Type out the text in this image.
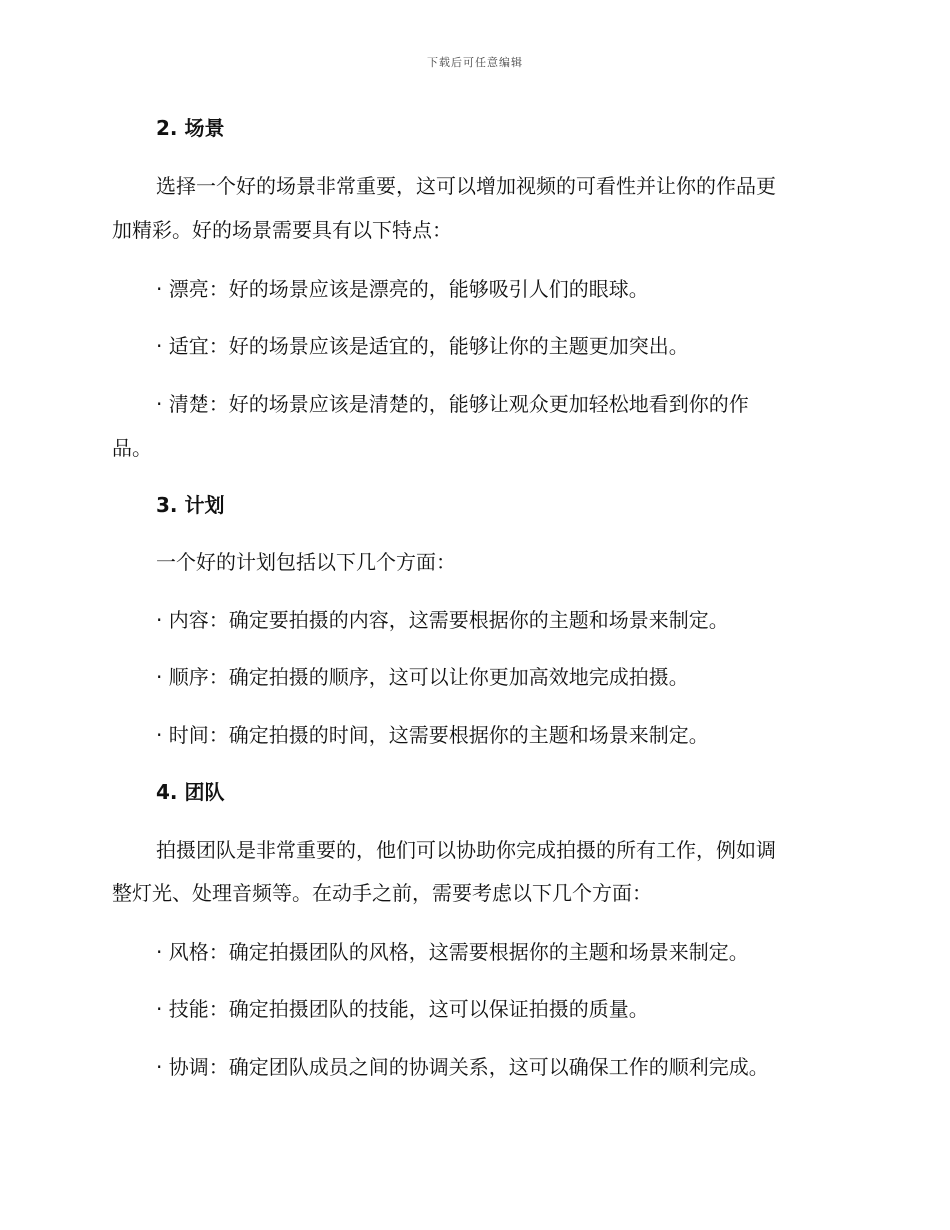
下载后可任意编辑
2. 场景
选择一个好的场景非常重要，这可以增加视频的可看性并让你的作品更
加精彩。好的场景需要具有以下特点：
· 漂亮：好的场景应该是漂亮的，能够吸引人们的眼球。
· 适宜：好的场景应该是适宜的，能够让你的主题更加突出。
· 清楚：好的场景应该是清楚的，能够让观众更加轻松地看到你的作
品。
3. 计划
一个好的计划包括以下几个方面：
· 内容：确定要拍摄的内容，这需要根据你的主题和场景来制定。
· 顺序：确定拍摄的顺序，这可以让你更加高效地完成拍摄。
· 时间：确定拍摄的时间，这需要根据你的主题和场景来制定。
4. 团队
拍摄团队是非常重要的，他们可以协助你完成拍摄的所有工作，例如调
整灯光、处理音频等。在动手之前，需要考虑以下几个方面：
· 风格：确定拍摄团队的风格，这需要根据你的主题和场景来制定。
· 技能：确定拍摄团队的技能，这可以保证拍摄的质量。
· 协调：确定团队成员之间的协调关系，这可以确保工作的顺利完成。
